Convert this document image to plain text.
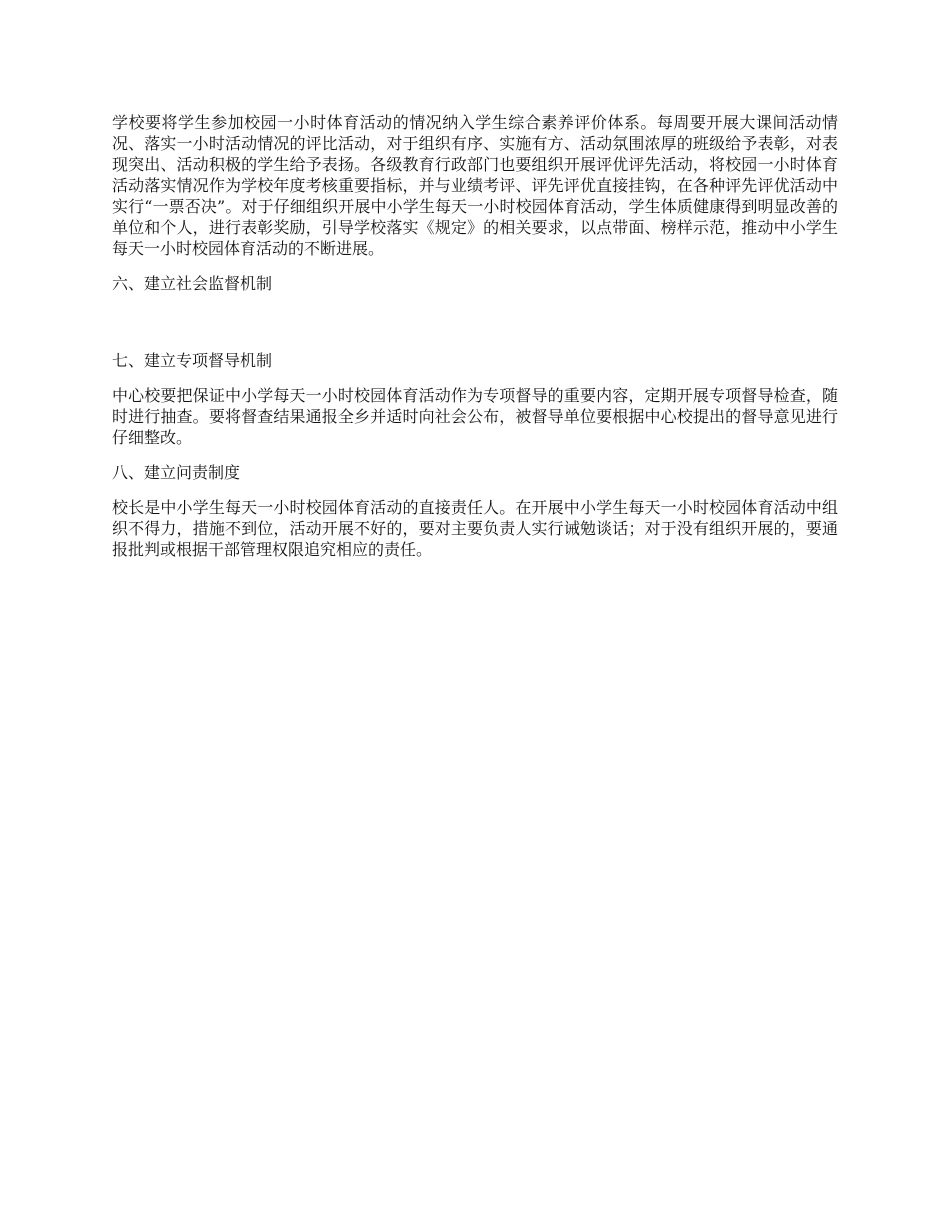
学校要将学生参加校园一小时体育活动的情况纳入学生综合素养评价体系。每周要开展大课间活动情况、落实一小时活动情况的评比活动，对于组织有序、实施有方、活动氛围浓厚的班级给予表彰，对表现突出、活动积极的学生给予表扬。各级教育行政部门也要组织开展评优评先活动，将校园一小时体育活动落实情况作为学校年度考核重要指标，并与业绩考评、评先评优直接挂钩，在各种评先评优活动中实行“一票否决”。对于仔细组织开展中小学生每天一小时校园体育活动，学生体质健康得到明显改善的单位和个人，进行表彰奖励，引导学校落实《规定》的相关要求，以点带面、榜样示范，推动中小学生每天一小时校园体育活动的不断进展。

六、建立社会监督机制

七、建立专项督导机制

中心校要把保证中小学每天一小时校园体育活动作为专项督导的重要内容，定期开展专项督导检查，随时进行抽查。要将督查结果通报全乡并适时向社会公布，被督导单位要根据中心校提出的督导意见进行仔细整改。

八、建立问责制度

校长是中小学生每天一小时校园体育活动的直接责任人。在开展中小学生每天一小时校园体育活动中组织不得力，措施不到位，活动开展不好的，要对主要负责人实行诫勉谈话；对于没有组织开展的，要通报批判或根据干部管理权限追究相应的责任。
